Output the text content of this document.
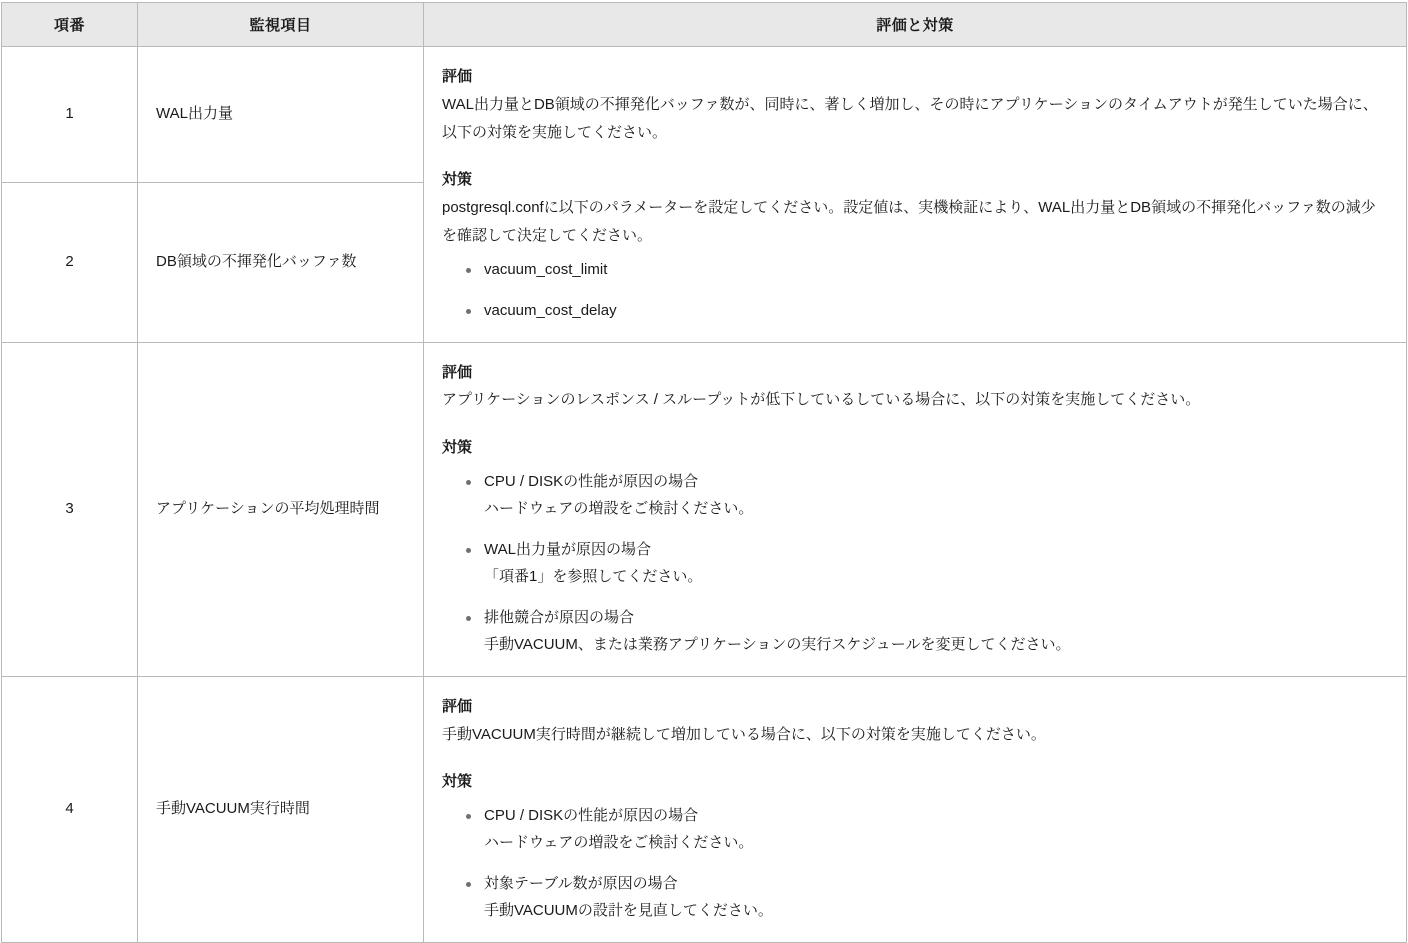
項番	監視項目	評価と対策
1	WAL出力量	
評価
WAL出力量とDB領域の不揮発化バッファ数が、同時に、著しく増加し、その時にアプリケーションのタイムアウトが発生していた場合に、以下の対策を実施してください。
対策
postgresql.confに以下のパラメーターを設定してください。設定値は、実機検証により、WAL出力量とDB領域の不揮発化バッファ数の減少を確認して決定してください。
vacuum_cost_limit
vacuum_cost_delay

2	DB領域の不揮発化バッファ数	
3	アプリケーションの平均処理時間	
評価
アプリケーションのレスポンス / スループットが低下しているしている場合に、以下の対策を実施してください。
対策
CPU / DISKの性能が原因の場合
ハードウェアの増設をご検討ください。
WAL出力量が原因の場合
「項番1」を参照してください。
排他競合が原因の場合
手動VACUUM、または業務アプリケーションの実行スケジュールを変更してください。

4	手動VACUUM実行時間	
評価
手動VACUUM実行時間が継続して増加している場合に、以下の対策を実施してください。
対策
CPU / DISKの性能が原因の場合
ハードウェアの増設をご検討ください。
対象テーブル数が原因の場合
手動VACUUMの設計を見直してください。
